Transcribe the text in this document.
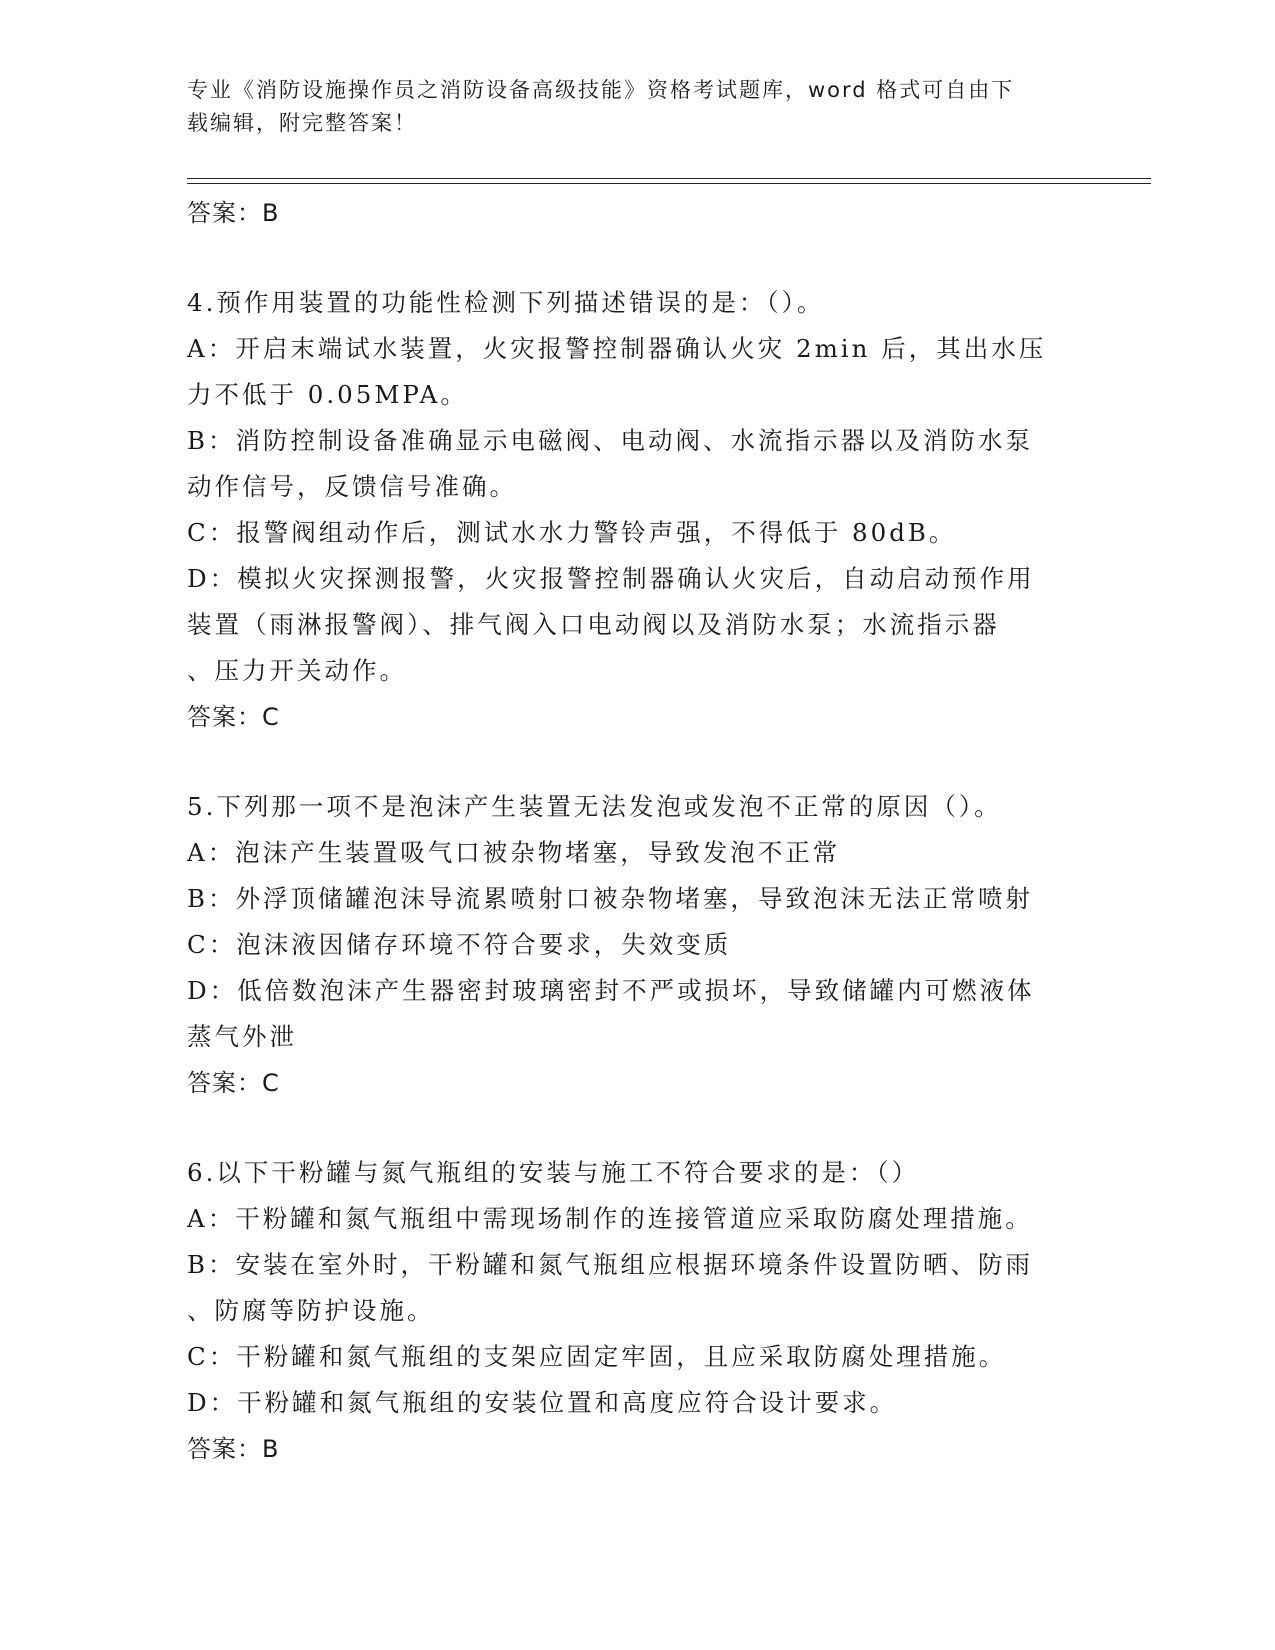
专业《消防设施操作员之消防设备高级技能》资格考试题库，word 格式可自由下
载编辑，附完整答案！
答案：B
4.预作用装置的功能性检测下列描述错误的是：（）。
A：开启末端试水装置，火灾报警控制器确认火灾 2min 后，其出水压
力不低于 0.05MPA。
B：消防控制设备准确显示电磁阀、电动阀、水流指示器以及消防水泵
动作信号，反馈信号准确。
C：报警阀组动作后，测试水水力警铃声强，不得低于 80dB。
D：模拟火灾探测报警，火灾报警控制器确认火灾后，自动启动预作用
装置（雨淋报警阀）、排气阀入口电动阀以及消防水泵；水流指示器
、压力开关动作。
答案：C
5.下列那一项不是泡沫产生装置无法发泡或发泡不正常的原因（）。
A：泡沫产生装置吸气口被杂物堵塞，导致发泡不正常
B：外浮顶储罐泡沫导流累喷射口被杂物堵塞，导致泡沫无法正常喷射
C：泡沫液因储存环境不符合要求，失效变质
D：低倍数泡沫产生器密封玻璃密封不严或损坏，导致储罐内可燃液体
蒸气外泄
答案：C
6.以下干粉罐与氮气瓶组的安装与施工不符合要求的是：（）
A：干粉罐和氮气瓶组中需现场制作的连接管道应采取防腐处理措施。
B：安装在室外时，干粉罐和氮气瓶组应根据环境条件设置防晒、防雨
、防腐等防护设施。
C：干粉罐和氮气瓶组的支架应固定牢固，且应采取防腐处理措施。
D：干粉罐和氮气瓶组的安装位置和高度应符合设计要求。
答案：B
